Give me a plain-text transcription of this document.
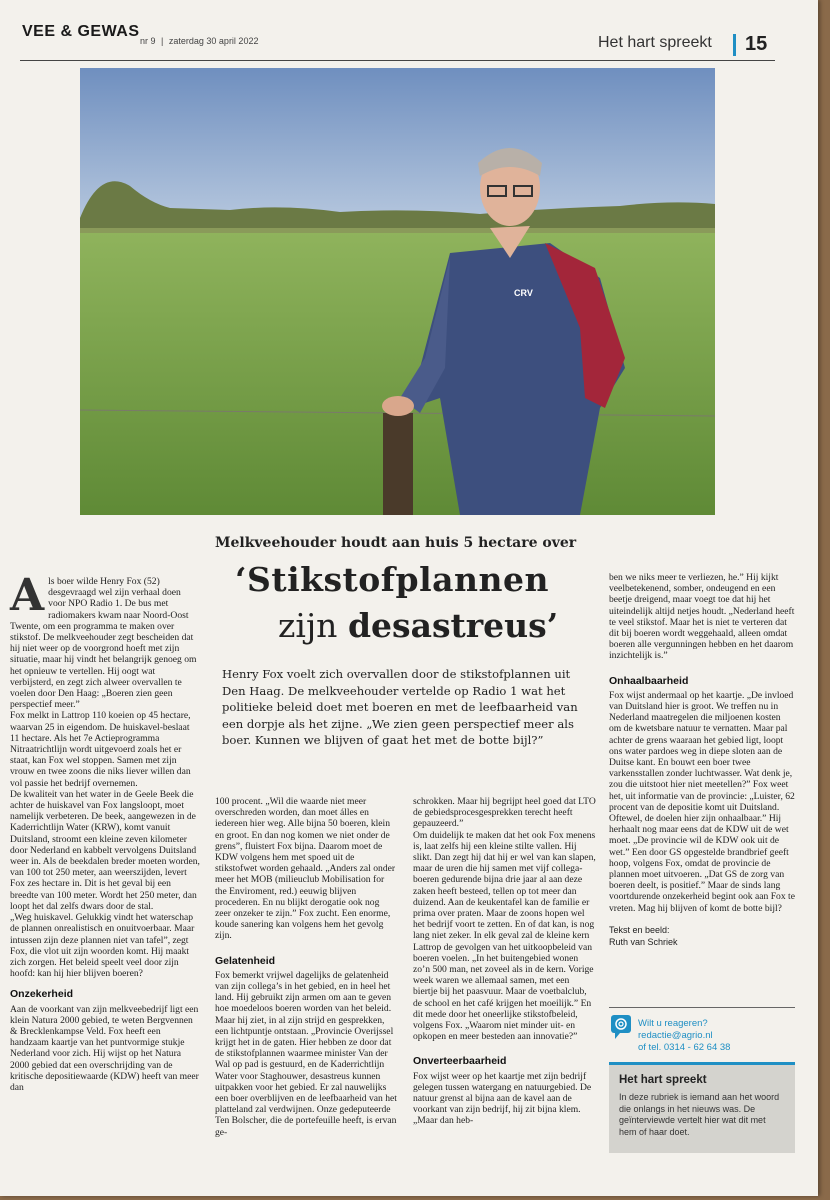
VEE & GEWAS
nr 9 | zaterdag 30 april 2022	Het hart spreekt 15
CRV
Melkveehouder houdt aan huis 5 hectare over
‘Stikstofplannen
zijn desastreus’
Henry Fox voelt zich overvallen door de stikstofplannen uit Den Haag. De melkveehouder vertelde op Radio 1 wat het politieke beleid doet met boeren en met de leefbaarheid van een dorpje als het zijne. „We zien geen perspectief meer als boer. Kunnen we blijven of gaat het met de botte bijl?”
A ls boer wilde Henry Fox (52)

desgevraagd wel zijn verhaal doen voor NPO Radio 1. De bus met radiomakers kwam naar Noord-Oost Twente, om een programma te maken over stikstof. De melkveehouder zegt bescheiden dat hij niet weer op de voorgrond hoeft met zijn situatie, maar hij vindt het belangrijk genoeg om het opnieuw te vertellen. Hij oogt wat verbijsterd, en zegt zich alweer overvallen te voelen door Den Haag: „Boeren zien geen perspectief meer.”

Fox melkt in Lattrop 110 koeien op 45 hectare, waarvan 25 in eigendom. De huiskavel-beslaat 11 hectare. Als het 7e Actieprogramma Nitraatrichtlijn wordt uitgevoerd zoals het er staat, kan Fox wel stoppen. Samen met zijn vrouw en twee zoons die niks liever willen dan vol passie het bedrijf overnemen.

De kwaliteit van het water in de Geele Beek die achter de huiskavel van Fox langsloopt, moet namelijk verbeteren. De beek, aangewezen in de Kaderrichtlijn Water (KRW), komt vanuit Duitsland, stroomt een kleine zeven kilometer door Nederland en kabbelt vervolgens Duitsland weer in. Als de beekdalen breder moeten worden, van 100 tot 250 meter, aan weerszijden, levert Fox zes hectare in. Dit is het geval bij een breedte van 100 meter. Wordt het 250 meter, dan loopt het dal zelfs dwars door de stal.

„Weg huiskavel. Gelukkig vindt het waterschap de plannen onrealistisch en onuitvoerbaar. Maar intussen zijn deze plannen niet van tafel”, zegt Fox, die vlot uit zijn woorden komt. Hij maakt zich zorgen. Het beleid speelt veel door zijn hoofd: kan hij hier blijven boeren?

Onzekerheid

Aan de voorkant van zijn melkveebedrijf ligt een klein Natura 2000 gebied, te weten Bergvennen & Brecklenkampse Veld. Fox heeft een handzaam kaartje van het puntvormige stukje Nederland voor zich. Hij wijst op het Natura 2000 gebied dat een overschrijding van de kritische depositiewaarde (KDW) heeft van meer dan

100 procent. „Wil die waarde niet meer overschreden worden, dan moet álles en iedereen hier weg. Alle bijna 50 boeren, klein en groot. En dan nog komen we niet onder de grens”, fluistert Fox bijna. Daarom moet de KDW volgens hem met spoed uit de stikstofwet worden gehaald. „Anders zal onder meer het MOB (milieuclub Mobilisation for the Enviroment, red.) eeuwig blijven procederen. En nu blijkt derogatie ook nog zeer onzeker te zijn.” Fox zucht. Een enorme, koude sanering kan volgens hem het gevolg zijn.

Gelatenheid

Fox bemerkt vrijwel dagelijks de gelatenheid van zijn collega’s in het gebied, en in heel het land. Hij gebruikt zijn armen om aan te geven hoe moedeloos boeren worden van het beleid. Maar hij ziet, in al zijn strijd en gesprekken, een lichtpuntje ontstaan. „Provincie Overijssel krijgt het in de gaten. Hier hebben ze door dat de stikstofplannen waarmee minister Van der Wal op pad is gestuurd, en de Kaderrichtlijn Water voor Staghouwer, desastreus kunnen uitpakken voor het gebied. Er zal nauwelijks een boer overblijven en de leefbaarheid van het platteland zal verdwijnen. Onze gedeputeerde Ten Bolscher, die de portefeuille heeft, is ervan ge-

schrokken. Maar hij begrijpt heel goed dat LTO de gebiedsprocesgesprekken terecht heeft gepauzeerd.”

Om duidelijk te maken dat het ook Fox menens is, laat zelfs hij een kleine stilte vallen. Hij slikt. Dan zegt hij dat hij er wel van kan slapen, maar de uren die hij samen met vijf collega-boeren gedurende bijna drie jaar al aan deze zaken heeft besteed, tellen op tot meer dan duizend. Aan de keukentafel kan de familie er prima over praten. Maar de zoons hopen wel het bedrijf voort te zetten. En of dat kan, is nog lang niet zeker. In elk geval zal de kleine kern Lattrop de gevolgen van het uitkoopbeleid van boeren voelen. „In het buitengebied wonen zo’n 500 man, net zoveel als in de kern. Vorige week waren we allemaal samen, met een biertje bij het paasvuur. Maar de voetbalclub, de school en het café krijgen het moeilijk.” En dit mede door het oneerlijke stikstofbeleid, volgens Fox. „Waarom niet minder uit- en opkopen en meer besteden aan innovatie?”

Onverteerbaarheid

Fox wijst weer op het kaartje met zijn bedrijf gelegen tussen watergang en natuurgebied. De natuur grenst al bijna aan de kavel aan de voorkant van zijn bedrijf, hij zit bijna klem. „Maar dan heb-

ben we niks meer te verliezen, he.” Hij kijkt veelbetekenend, somber, ondeugend en een beetje dreigend, maar voegt toe dat hij het uiteindelijk altijd netjes houdt. „Nederland heeft te veel stikstof. Maar het is niet te verteren dat dit bij boeren wordt weggehaald, alleen omdat boeren alle vergunningen hebben en het daarom inzichtelijk is.”

Onhaalbaarheid

Fox wijst andermaal op het kaartje. „De invloed van Duitsland hier is groot. We treffen nu in Nederland maatregelen die miljoenen kosten om de kwetsbare natuur te vernatten. Maar pal achter de grens waaraan het gebied ligt, loopt ons water pardoes weg in diepe sloten aan de Duitse kant. En bouwt een boer twee varkensstallen zonder luchtwasser. Wat denk je, zou die uitstoot hier niet meetellen?” Fox weet het, uit informatie van de provincie: „Luister, 62 procent van de depositie komt uit Duitsland. Oftewel, de doelen hier zijn onhaalbaar.” Hij herhaalt nog maar eens dat de KDW uit de wet moet. „De provincie wil de KDW ook uit de wet.” Een door GS opgestelde brandbrief geeft hoop, volgens Fox, omdat de provincie de plannen moet uitvoeren. „Dat GS de zorg van boeren deelt, is positief.” Maar de sinds lang voortdurende onzekerheid begint ook aan Fox te vreten. Mag hij blijven of komt de botte bijl?

Tekst en beeld:
Ruth van Schriek
Wilt u reageren?
redactie@agrio.nl
of tel. 0314 - 62 64 38
Het hart spreekt
In deze rubriek is iemand aan het woord die onlangs in het nieuws was. De geïnterviewde vertelt hier wat dit met hem of haar doet.
